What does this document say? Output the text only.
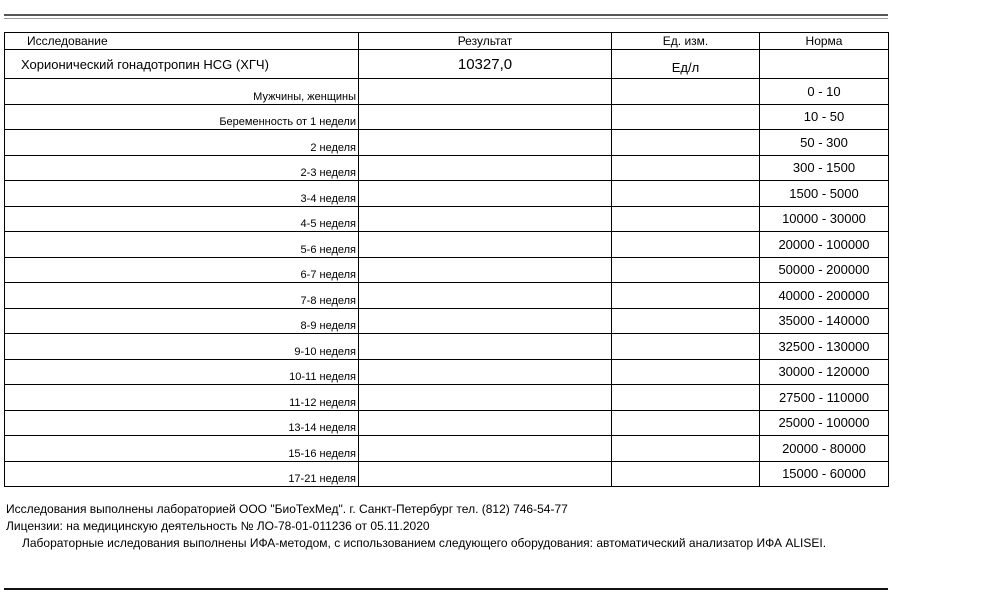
Исследование	Результат	Ед. изм.	Норма
Хорионический гонадотропин HCG (ХГЧ)	10327,0	Ед/л	
Мужчины, женщины			0 - 10
Беременность от 1 недели			10 - 50
2 неделя			50 - 300
2-3 неделя			300 - 1500
3-4 неделя			1500 - 5000
4-5 неделя			10000 - 30000
5-6 неделя			20000 - 100000
6-7 неделя			50000 - 200000
7-8 неделя			40000 - 200000
8-9 неделя			35000 - 140000
9-10 неделя			32500 - 130000
10-11 неделя			30000 - 120000
11-12 неделя			27500 - 110000
13-14 неделя			25000 - 100000
15-16 неделя			20000 - 80000
17-21 неделя			15000 - 60000

Исследования выполнены лабораторией ООО "БиоТехМед". г. Санкт-Петербург тел. (812) 746-54-77

Лицензии: на медицинскую деятельность № ЛО-78-01-011236 от 05.11.2020

Лабораторные иследования выполнены ИФА-методом, с использованием следующего оборудования: автоматический анализатор ИФА ALISEI.
